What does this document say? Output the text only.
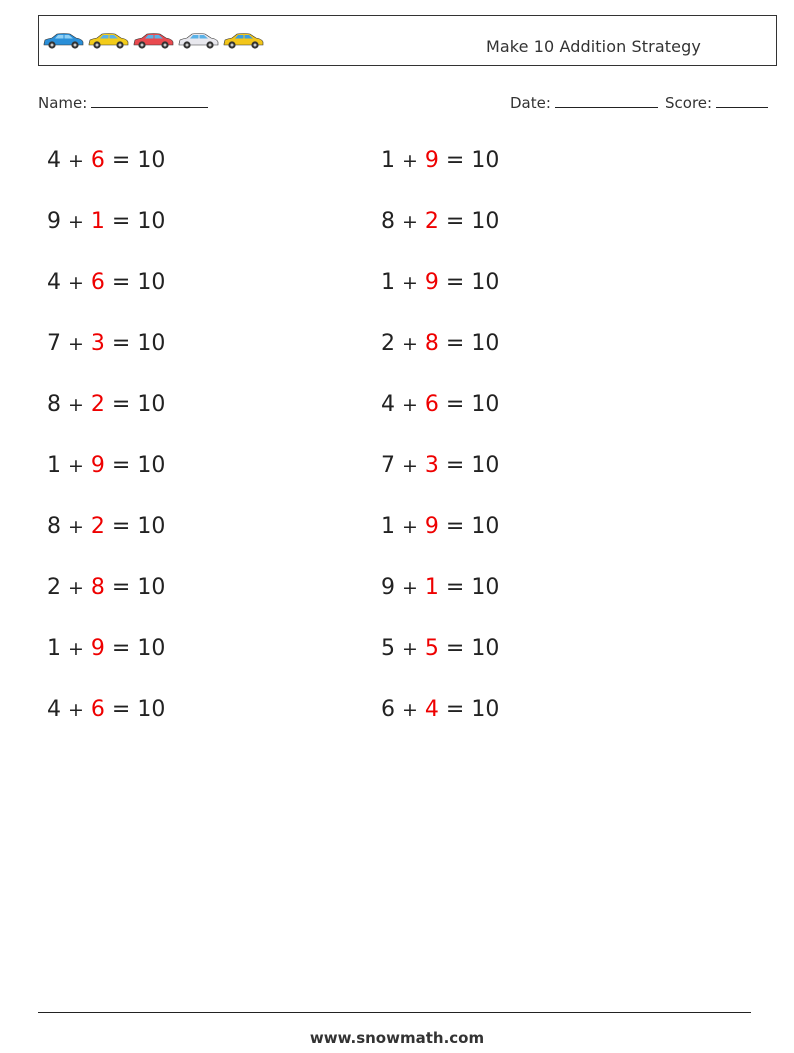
Make 10 Addition Strategy
Name:	Date:	Score:
4 + 6 = 10
9 + 1 = 10
4 + 6 = 10
7 + 3 = 10
8 + 2 = 10
1 + 9 = 10
8 + 2 = 10
2 + 8 = 10
1 + 9 = 10
4 + 6 = 10
1 + 9 = 10
8 + 2 = 10
1 + 9 = 10
2 + 8 = 10
4 + 6 = 10
7 + 3 = 10
1 + 9 = 10
9 + 1 = 10
5 + 5 = 10
6 + 4 = 10
www.snowmath.com
